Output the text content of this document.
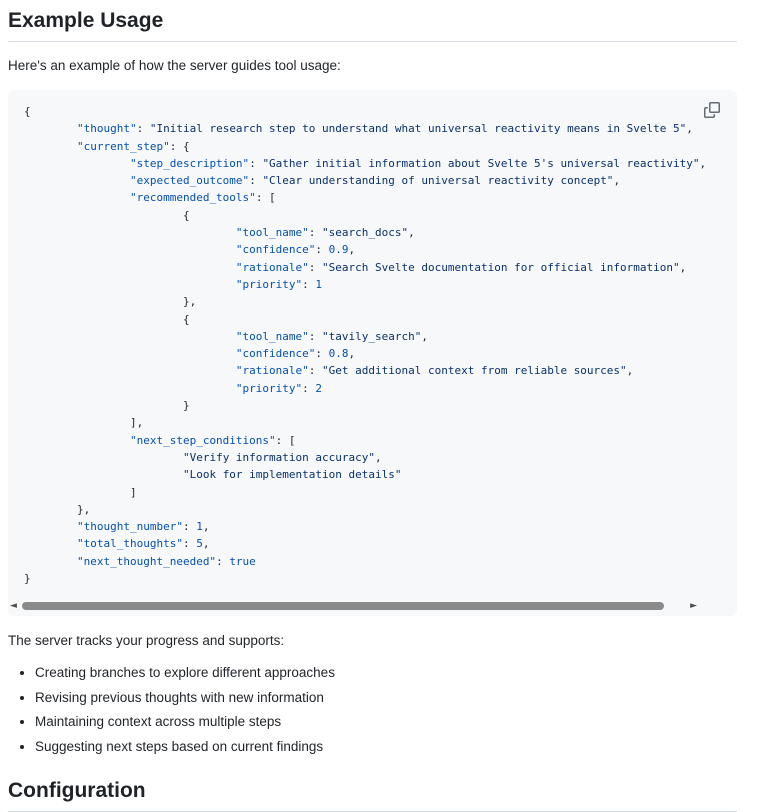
Example Usage

Here's an example of how the server guides tool usage:

{
	"thought": "Initial research step to understand what universal reactivity means in Svelte 5",
	"current_step": {
		"step_description": "Gather initial information about Svelte 5's universal reactivity",
		"expected_outcome": "Clear understanding of universal reactivity concept",
		"recommended_tools": [
			{
				"tool_name": "search_docs",
				"confidence": 0.9,
				"rationale": "Search Svelte documentation for official information",
				"priority": 1
			},
			{
				"tool_name": "tavily_search",
				"confidence": 0.8,
				"rationale": "Get additional context from reliable sources",
				"priority": 2
			}
		],
		"next_step_conditions": [
			"Verify information accuracy",
			"Look for implementation details"
		]
	},
	"thought_number": 1,
	"total_thoughts": 5,
	"next_thought_needed": true
}
◄	►

The server tracks your progress and supports:

• Creating branches to explore different approaches
• Revising previous thoughts with new information
• Maintaining context across multiple steps
• Suggesting next steps based on current findings
Configuration
